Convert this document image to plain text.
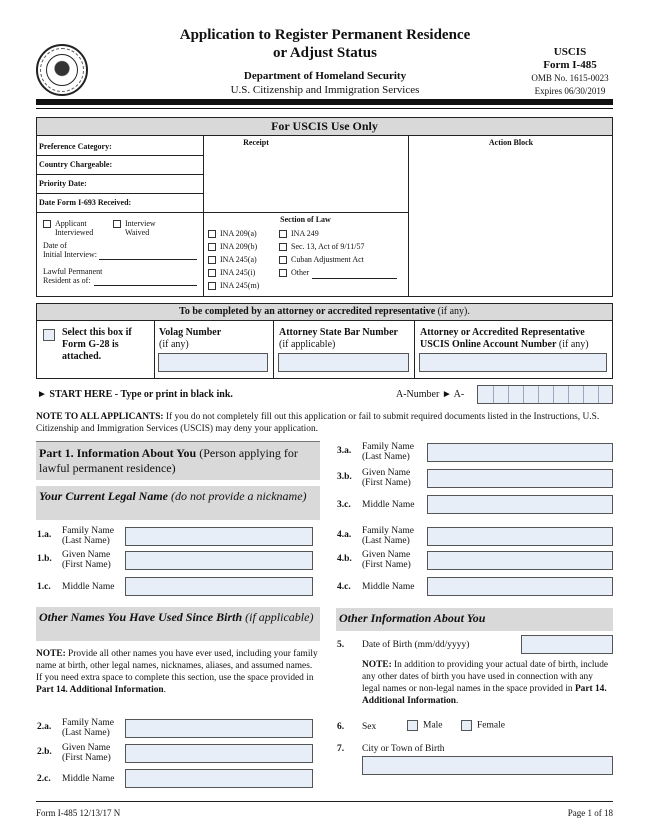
Application to Register Permanent Residence
or Adjust Status
Department of Homeland Security
U.S. Citizenship and Immigration Services
USCIS
Form I-485
OMB No. 1615-0023
Expires 06/30/2019
For USCIS Use Only
Receipt	Action Block
Preference Category:
Country Chargeable:
Priority Date:
Date Form I-693 Received:
Applicant
Interviewed
Interview
Waived
Date of
Initial Interview:
Lawful Permanent
Resident as of:
Section of Law
INA 209(a)
INA 209(b)
INA 245(a)
INA 245(i)
INA 245(m)
INA 249
Sec. 13, Act of 9/11/57
Cuban Adjustment Act
Other
To be completed by an attorney or accredited representative (if any).
Select this box if
Form G-28 is
attached.
Volag Number
(if any)
Attorney State Bar Number
(if applicable)
Attorney or Accredited Representative
USCIS Online Account Number (if any)
► START HERE - Type or print in black ink.	A-Number ► A-
NOTE TO ALL APPLICANTS: If you do not completely fill out this application or fail to submit required documents listed in the Instructions, U.S. Citizenship and Immigration Services (USCIS) may deny your application.
Part 1. Information About You (Person applying for lawful permanent residence)
Your Current Legal Name (do not provide a nickname)
1.a. Family Name
(Last Name)
1.b. Given Name
(First Name)
1.c. Middle Name
Other Names You Have Used Since Birth (if applicable)
NOTE: Provide all other names you have ever used, including your family name at birth, other legal names, nicknames, aliases, and assumed names. If you need extra space to complete this section, use the space provided in Part 14. Additional Information.
2.a. Family Name
(Last Name)
2.b. Given Name
(First Name)
2.c. Middle Name
3.a. Family Name
(Last Name)
3.b. Given Name
(First Name)
3.c. Middle Name
4.a. Family Name
(Last Name)
4.b. Given Name
(First Name)
4.c. Middle Name
Other Information About You
5. Date of Birth (mm/dd/yyyy)
NOTE: In addition to providing your actual date of birth, include any other dates of birth you have used in connection with any legal names or non-legal names in the space provided in Part 14. Additional Information.
6. Sex	Male	Female
7. City or Town of Birth
Form I-485 12/13/17 N	Page 1 of 18
